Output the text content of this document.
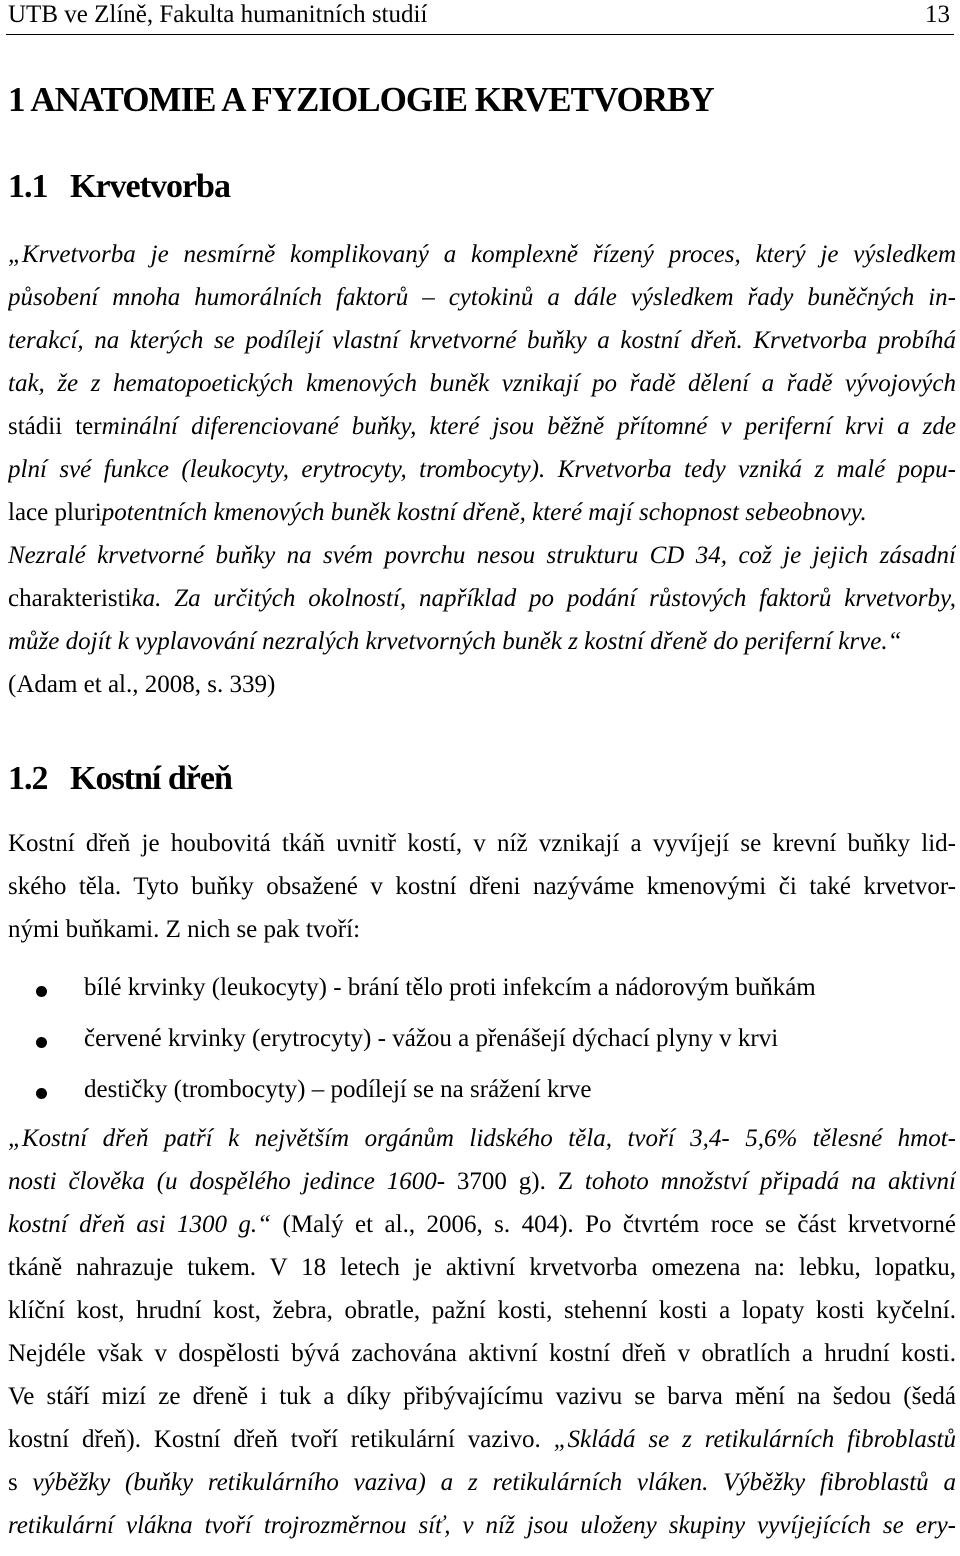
UTB ve Zlíně, Fakulta humanitních studií	13
1 ANATOMIE A FYZIOLOGIE KRVETVORBY
1.1 Krvetvorba
„Krvetvorba je nesmírně komplikovaný a komplexně řízený proces, který je výsledkem
působení mnoha humorálních faktorů – cytokinů a dále výsledkem řady buněčných in-
terakcí, na kterých se podílejí vlastní krvetvorné buňky a kostní dřeň. Krvetvorba probíhá
tak, že z hematopoetických kmenových buněk vznikají po řadě dělení a řadě vývojových
stádii terminální diferenciované buňky, které jsou běžně přítomné v periferní krvi a zde
plní své funkce (leukocyty, erytrocyty, trombocyty). Krvetvorba tedy vzniká z malé popu-
lace pluripotentních kmenových buněk kostní dřeně, které mají schopnost sebeobnovy.
Nezralé krvetvorné buňky na svém povrchu nesou strukturu CD 34, což je jejich zásadní
charakteristika. Za určitých okolností, například po podání růstových faktorů krvetvorby,
může dojít k vyplavování nezralých krvetvorných buněk z kostní dřeně do periferní krve.“
(Adam et al., 2008, s. 339)
1.2 Kostní dřeň
Kostní dřeň je houbovitá tkáň uvnitř kostí, v níž vznikají a vyvíjejí se krevní buňky lid-
ského těla. Tyto buňky obsažené v kostní dřeni nazýváme kmenovými či také krvetvor-
nými buňkami. Z nich se pak tvoří:
bílé krvinky (leukocyty) - brání tělo proti infekcím a nádorovým buňkám
červené krvinky (erytrocyty) - vážou a přenášejí dýchací plyny v krvi
destičky (trombocyty) – podílejí se na srážení krve
„Kostní dřeň patří k největším orgánům lidského těla, tvoří 3,4- 5,6% tělesné hmot-
nosti člověka (u dospělého jedince 1600- 3700 g). Z tohoto množství připadá na aktivní
kostní dřeň asi 1300 g.“ (Malý et al., 2006, s. 404). Po čtvrtém roce se část krvetvorné
tkáně nahrazuje tukem. V 18 letech je aktivní krvetvorba omezena na: lebku, lopatku,
klíční kost, hrudní kost, žebra, obratle, pažní kosti, stehenní kosti a lopaty kosti kyčelní.
Nejdéle však v dospělosti bývá zachována aktivní kostní dřeň v obratlích a hrudní kosti.
Ve stáří mizí ze dřeně i tuk a díky přibývajícímu vazivu se barva mění na šedou (šedá
kostní dřeň). Kostní dřeň tvoří retikulární vazivo. „Skládá se z retikulárních fibroblastů
s výběžky (buňky retikulárního vaziva) a z retikulárních vláken. Výběžky fibroblastů a
retikulární vlákna tvoří trojrozměrnou síť, v níž jsou uloženy skupiny vyvíjejících se ery-
